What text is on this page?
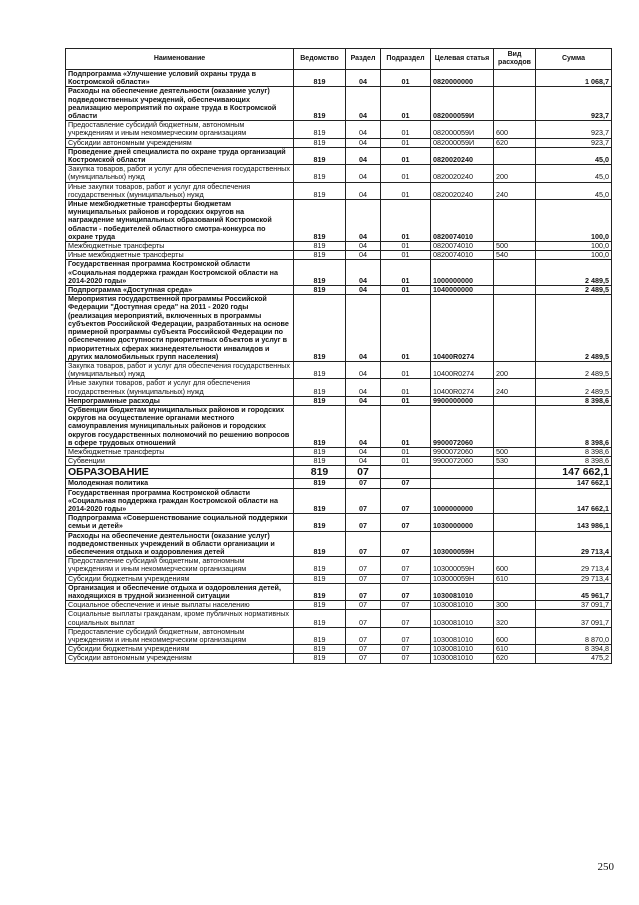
Наименование	Ведомство	Раздел	Подраздел	Целевая статья	Вид расходов	Сумма
Подпрограмма «Улучшение условий охраны труда в Костромской области»	819	04	01	0820000000		1 068,7
Расходы на обеспечение деятельности (оказание услуг) подведомственных учреждений, обеспечивающих реализацию мероприятий по охране труда в Костромской области	819	04	01	082000059И		923,7
Предоставление субсидий бюджетным, автономным учреждениям и иным некоммерческим организациям	819	04	01	082000059И	600	923,7
Субсидии автономным учреждениям	819	04	01	082000059И	620	923,7
Проведение дней специалиста по охране труда организаций Костромской области	819	04	01	0820020240		45,0
Закупка товаров, работ и услуг для обеспечения государственных (муниципальных) нужд	819	04	01	0820020240	200	45,0
Иные закупки товаров, работ и услуг для обеспечения государственных (муниципальных) нужд	819	04	01	0820020240	240	45,0
Иные межбюджетные трансферты бюджетам муниципальных районов и городских округов на награждение муниципальных образований Костромской области - победителей областного смотра-конкурса по охране труда	819	04	01	0820074010		100,0
Межбюджетные трансферты	819	04	01	0820074010	500	100,0
Иные межбюджетные трансферты	819	04	01	0820074010	540	100,0
Государственная программа Костромской области «Социальная поддержка граждан Костромской области на 2014-2020 годы»	819	04	01	1000000000		2 489,5
Подпрограмма «Доступная среда»	819	04	01	1040000000		2 489,5
Мероприятия государственной программы Российской Федерации "Доступная среда" на 2011 - 2020 годы (реализация мероприятий, включенных в программы субъектов Российской Федерации, разработанных на основе примерной программы субъекта Российской Федерации по обеспечению доступности приоритетных объектов и услуг в приоритетных сферах жизнедеятельности инвалидов и других маломобильных групп населения)	819	04	01	10400R0274		2 489,5
Закупка товаров, работ и услуг для обеспечения государственных (муниципальных) нужд	819	04	01	10400R0274	200	2 489,5
Иные закупки товаров, работ и услуг для обеспечения государственных (муниципальных) нужд	819	04	01	10400R0274	240	2 489,5
Непрограммные расходы	819	04	01	9900000000		8 398,6
Субвенции бюджетам муниципальных районов и городских округов на осуществление органами местного самоуправления муниципальных районов и городских округов государственных полномочий по решению вопросов в сфере трудовых отношений	819	04	01	9900072060		8 398,6
Межбюджетные трансферты	819	04	01	9900072060	500	8 398,6
Субвенции	819	04	01	9900072060	530	8 398,6
ОБРАЗОВАНИЕ	819	07				147 662,1
Молодежная политика	819	07	07			147 662,1
Государственная программа Костромской области «Социальная поддержка граждан Костромской области на 2014-2020 годы»	819	07	07	1000000000		147 662,1
Подпрограмма «Совершенствование социальной поддержки семьи и детей»	819	07	07	1030000000		143 986,1
Расходы на обеспечение деятельности (оказание услуг) подведомственных учреждений в области организации и обеспечения отдыха и оздоровления детей	819	07	07	103000059Н		29 713,4
Предоставление субсидий бюджетным, автономным учреждениям и иным некоммерческим организациям	819	07	07	103000059Н	600	29 713,4
Субсидии бюджетным учреждениям	819	07	07	103000059Н	610	29 713,4
Организация и обеспечение отдыха и оздоровления детей, находящихся в трудной жизненной ситуации	819	07	07	1030081010		45 961,7
Социальное обеспечение и иные выплаты населению	819	07	07	1030081010	300	37 091,7
Социальные выплаты гражданам, кроме публичных нормативных социальных выплат	819	07	07	1030081010	320	37 091,7
Предоставление субсидий бюджетным, автономным учреждениям и иным некоммерческим организациям	819	07	07	1030081010	600	8 870,0
Субсидии бюджетным учреждениям	819	07	07	1030081010	610	8 394,8
Субсидии автономным учреждениям	819	07	07	1030081010	620	475,2
250
